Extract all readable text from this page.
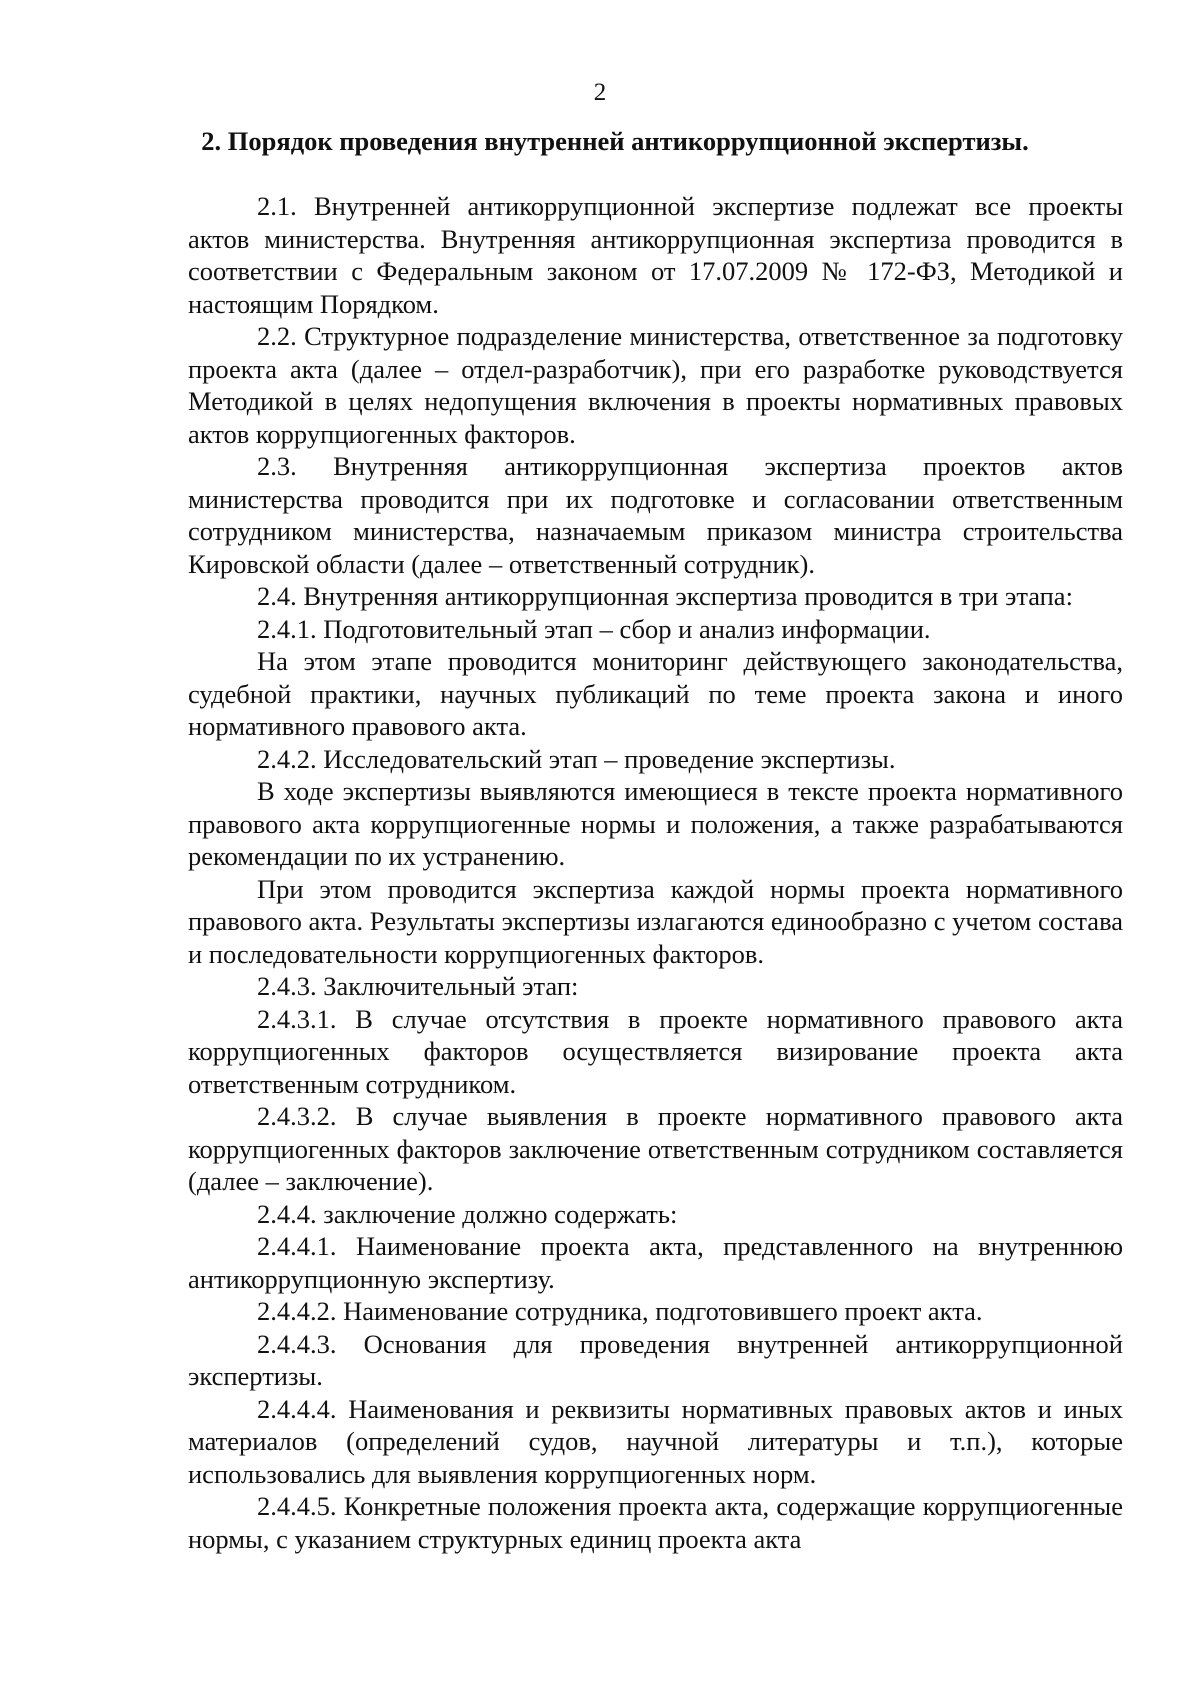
2
2. Порядок проведения внутренней антикоррупционной экспертизы.

2.1. Внутренней антикоррупционной экспертизе подлежат все проекты актов министерства. Внутренняя антикоррупционная экспертиза проводится в соответствии с Федеральным законом от 17.07.2009 № 172-ФЗ, Методикой и настоящим Порядком.

2.2. Структурное подразделение министерства, ответственное за подготовку проекта акта (далее – отдел-разработчик), при его разработке руководствуется Методикой в целях недопущения включения в проекты нормативных правовых актов коррупциогенных факторов.

2.3. Внутренняя антикоррупционная экспертиза проектов актов министерства проводится при их подготовке и согласовании ответственным сотрудником министерства, назначаемым приказом министра строительства Кировской области (далее – ответственный сотрудник).

2.4. Внутренняя антикоррупционная экспертиза проводится в три этапа:

2.4.1. Подготовительный этап – сбор и анализ информации.

На этом этапе проводится мониторинг действующего законодательства, судебной практики, научных публикаций по теме проекта закона и иного нормативного правового акта.

2.4.2. Исследовательский этап – проведение экспертизы.

В ходе экспертизы выявляются имеющиеся в тексте проекта нормативного правового акта коррупциогенные нормы и положения, а также разрабатываются рекомендации по их устранению.

При этом проводится экспертиза каждой нормы проекта нормативного правового акта. Результаты экспертизы излагаются единообразно с учетом состава и последовательности коррупциогенных факторов.

2.4.3. Заключительный этап:

2.4.3.1. В случае отсутствия в проекте нормативного правового акта коррупциогенных факторов осуществляется визирование проекта акта ответственным сотрудником.

2.4.3.2. В случае выявления в проекте нормативного правового акта коррупциогенных факторов заключение ответственным сотрудником составляется (далее – заключение).

2.4.4. заключение должно содержать:

2.4.4.1. Наименование проекта акта, представленного на внутреннюю антикоррупционную экспертизу.

2.4.4.2. Наименование сотрудника, подготовившего проект акта.

2.4.4.3. Основания для проведения внутренней антикоррупционной экспертизы.

2.4.4.4. Наименования и реквизиты нормативных правовых актов и иных материалов (определений судов, научной литературы и т.п.), которые использовались для выявления коррупциогенных норм.

2.4.4.5. Конкретные положения проекта акта, содержащие коррупциогенные нормы, с указанием структурных единиц проекта акта
